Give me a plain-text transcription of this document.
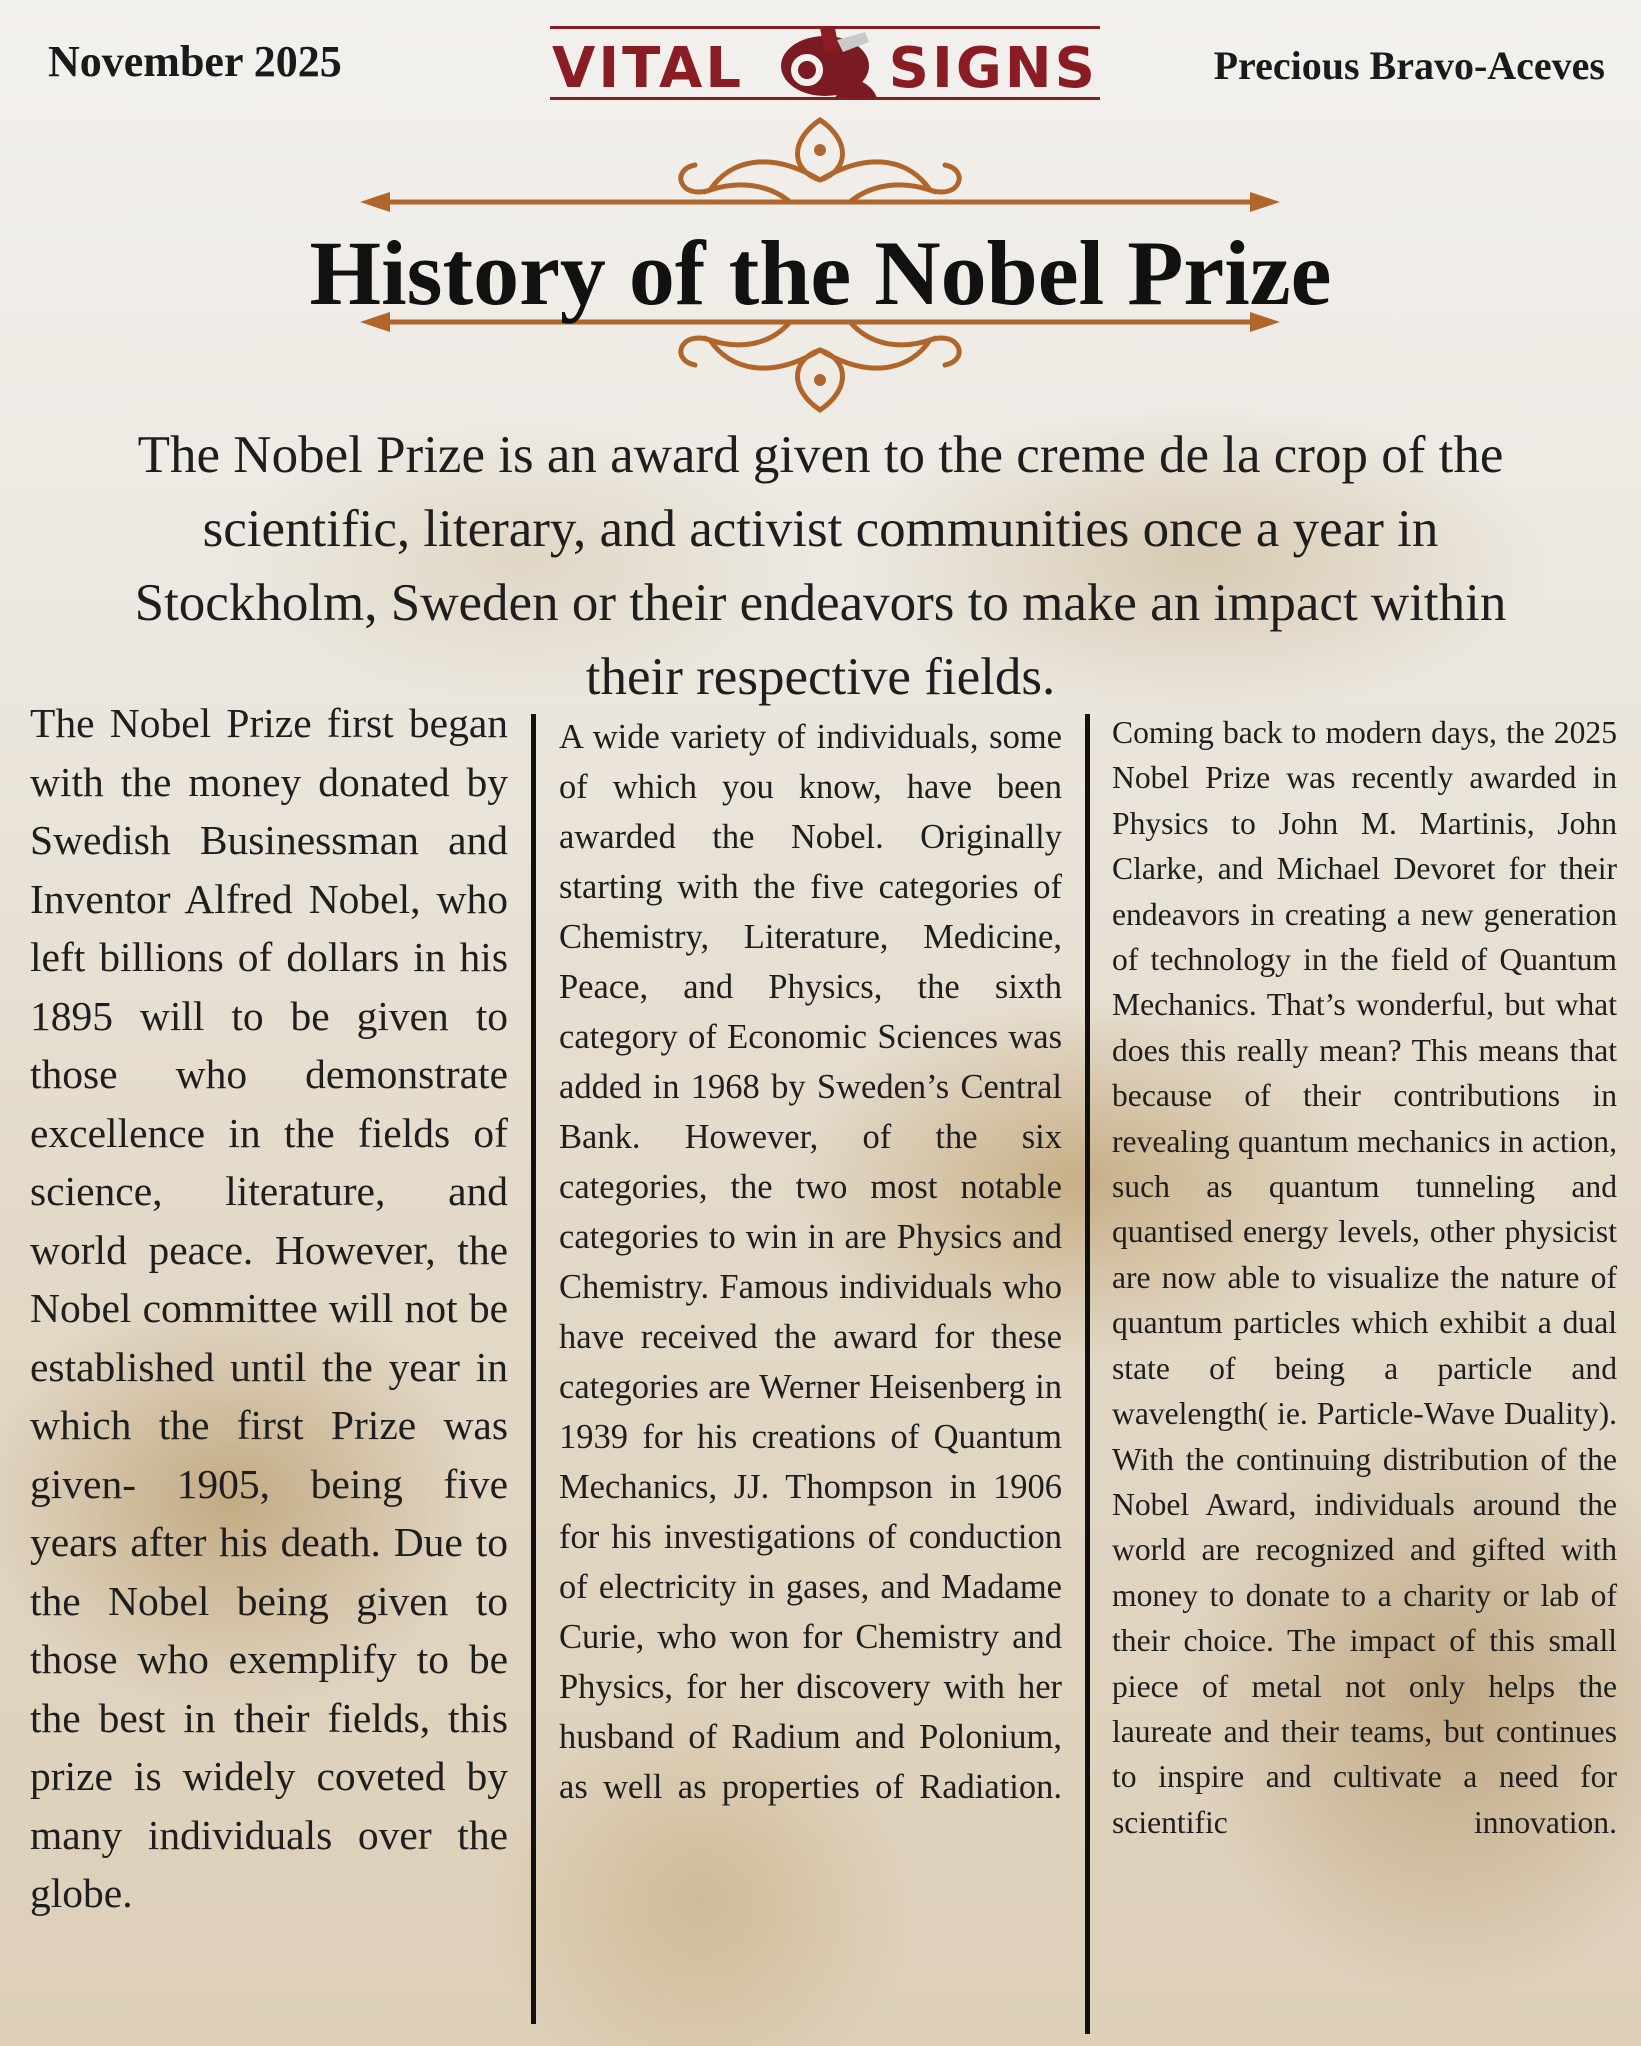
November 2025	VITAL	SIGNS	Precious Bravo-Aceves
History of the Nobel Prize
The Nobel Prize is an award given to the creme de la crop of the scientific, literary, and activist communities once a year in Stockholm, Sweden or their endeavors to make an impact within their respective fields.
The Nobel Prize first began with the money donated by Swedish Businessman and Inventor Alfred Nobel, who left billions of dollars in his 1895 will to be given to those who demonstrate excellence in the fields of science, literature, and world peace. However, the Nobel committee will not be established until the year in which the first Prize was given- 1905, being five years after his death. Due to the Nobel being given to those who exemplify to be the best in their fields, this prize is widely coveted by many individuals over the globe.
A wide variety of individuals, some of which you know, have been awarded the Nobel. Originally starting with the five categories of Chemistry, Literature, Medicine, Peace, and Physics, the sixth category of Economic Sciences was added in 1968 by Sweden’s Central Bank. However, of the six categories, the two most notable categories to win in are Physics and Chemistry. Famous individuals who have received the award for these categories are Werner Heisenberg in 1939 for his creations of Quantum Mechanics, JJ. Thompson in 1906 for his investigations of conduction of electricity in gases, and Madame Curie, who won for Chemistry and Physics, for her discovery with her husband of Radium and Polonium, as well as properties of Radiation.
Coming back to modern days, the 2025 Nobel Prize was recently awarded in Physics to John M. Martinis, John Clarke, and Michael Devoret for their endeavors in creating a new generation of technology in the field of Quantum Mechanics. That’s wonderful, but what does this really mean? This means that because of their contributions in revealing quantum mechanics in action, such as quantum tunneling and quantised energy levels, other physicist are now able to visualize the nature of quantum particles which exhibit a dual state of being a particle and wavelength( ie. Particle-Wave Duality). With the continuing distribution of the Nobel Award, individuals around the world are recognized and gifted with money to donate to a charity or lab of their choice. The impact of this small piece of metal not only helps the laureate and their teams, but continues to inspire and cultivate a need for scientific innovation.
